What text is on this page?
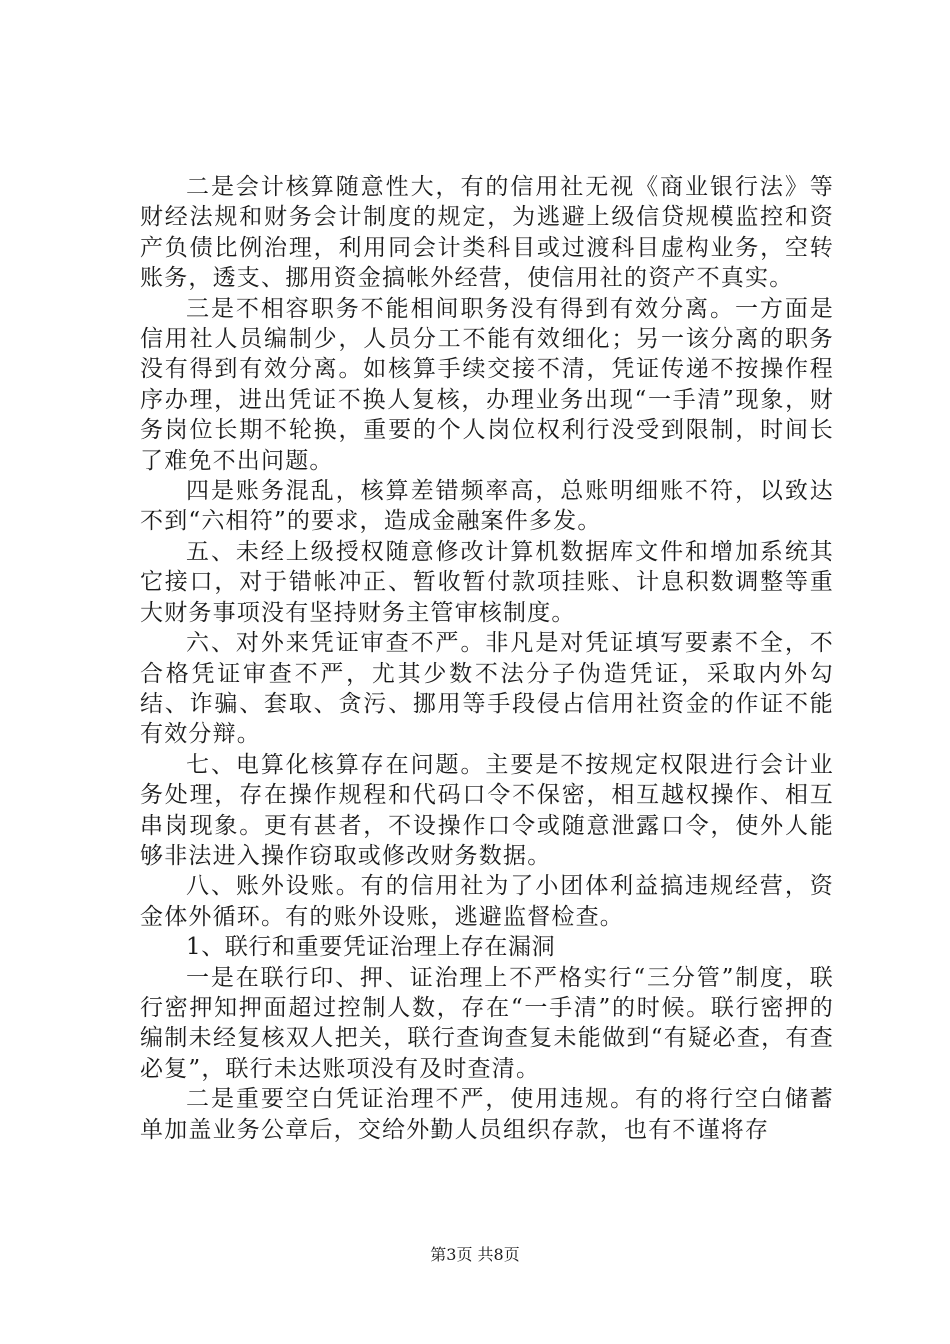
二是会计核算随意性大，有的信用社无视《商业银行法》等财经法规和财务会计制度的规定，为逃避上级信贷规模监控和资产负债比例治理，利用同会计类科目或过渡科目虚构业务，空转账务，透支、挪用资金搞帐外经营，使信用社的资产不真实。

三是不相容职务不能相间职务没有得到有效分离。一方面是信用社人员编制少，人员分工不能有效细化；另一该分离的职务没有得到有效分离。如核算手续交接不清，凭证传递不按操作程序办理，进出凭证不换人复核，办理业务出现“一手清”现象，财务岗位长期不轮换，重要的个人岗位权利行没受到限制，时间长了难免不出问题。

四是账务混乱，核算差错频率高，总账明细账不符，以致达不到“六相符”的要求，造成金融案件多发。

五、未经上级授权随意修改计算机数据库文件和增加系统其它接口，对于错帐冲正、暂收暂付款项挂账、计息积数调整等重大财务事项没有坚持财务主管审核制度。

六、对外来凭证审查不严。非凡是对凭证填写要素不全，不合格凭证审查不严，尤其少数不法分子伪造凭证，采取内外勾结、诈骗、套取、贪污、挪用等手段侵占信用社资金的作证不能有效分辩。

七、电算化核算存在问题。主要是不按规定权限进行会计业务处理，存在操作规程和代码口令不保密，相互越权操作、相互串岗现象。更有甚者，不设操作口令或随意泄露口令，使外人能够非法进入操作窃取或修改财务数据。

八、账外设账。有的信用社为了小团体利益搞违规经营，资金体外循环。有的账外设账，逃避监督检查。

1、联行和重要凭证治理上存在漏洞

一是在联行印、押、证治理上不严格实行“三分管”制度，联行密押知押面超过控制人数，存在“一手清”的时候。联行密押的编制未经复核双人把关，联行查询查复未能做到“有疑必查，有查必复”，联行未达账项没有及时查清。

二是重要空白凭证治理不严，使用违规。有的将行空白储蓄单加盖业务公章后，交给外勤人员组织存款，也有不谨将存

第3页 共8页
